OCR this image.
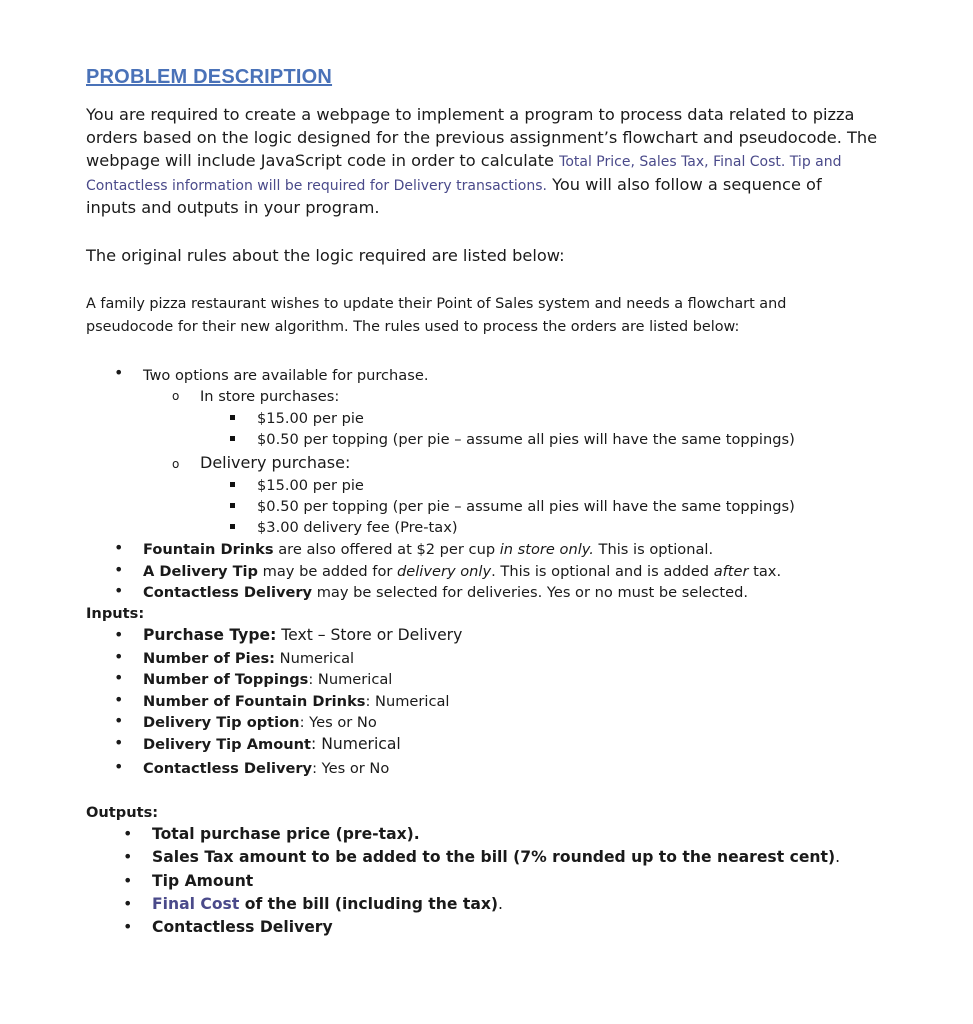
PROBLEM DESCRIPTION
You are required to create a webpage to implement a program to process data related to pizza
orders based on the logic designed for the previous assignment’s flowchart and pseudocode. The
webpage will include JavaScript code in order to calculate Total Price, Sales Tax, Final Cost. Tip and
Contactless information will be required for Delivery transactions. You will also follow a sequence of
inputs and outputs in your program.
The original rules about the logic required are listed below:
A family pizza restaurant wishes to update their Point of Sales system and needs a flowchart and
pseudocode for their new algorithm. The rules used to process the orders are listed below:
• Two options are available for purchase.
o In store purchases:
$15.00 per pie
$0.50 per topping (per pie – assume all pies will have the same toppings)
o Delivery purchase:
$15.00 per pie
$0.50 per topping (per pie – assume all pies will have the same toppings)
$3.00 delivery fee (Pre-tax)
• Fountain Drinks are also offered at $2 per cup in store only. This is optional.
• A Delivery Tip may be added for delivery only. This is optional and is added after tax.
• Contactless Delivery may be selected for deliveries. Yes or no must be selected.
Inputs:
• Purchase Type: Text – Store or Delivery
• Number of Pies: Numerical
• Number of Toppings: Numerical
• Number of Fountain Drinks: Numerical
• Delivery Tip option: Yes or No
• Delivery Tip Amount: Numerical
• Contactless Delivery: Yes or No
Outputs:
• Total purchase price (pre-tax).
• Sales Tax amount to be added to the bill (7% rounded up to the nearest cent).
• Tip Amount
• Final Cost of the bill (including the tax).
• Contactless Delivery
